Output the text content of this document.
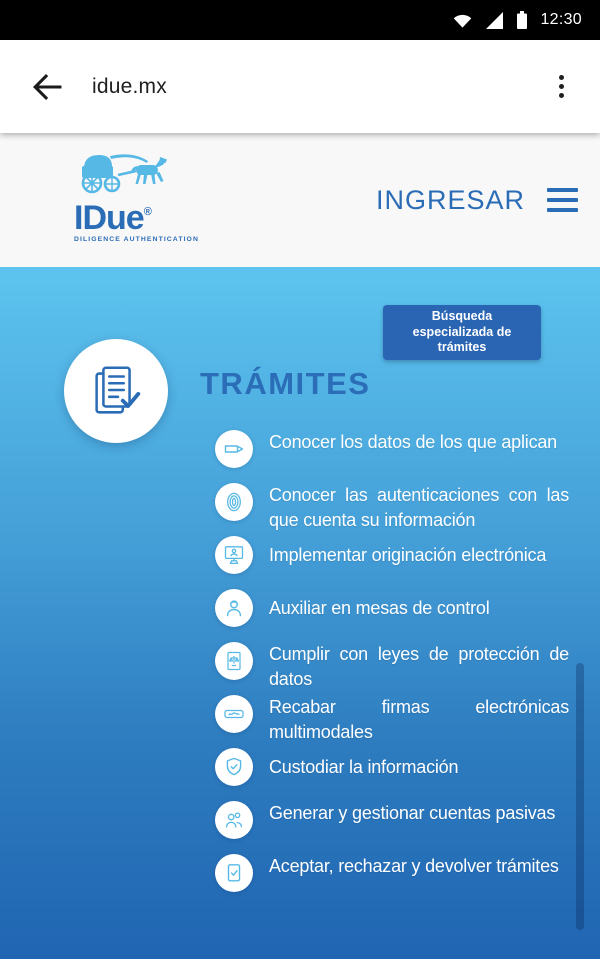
12:30
idue.mx
IDue®
DILIGENCE AUTHENTICATION
INGRESAR
Búsqueda especializada de trámites
TRÁMITES
Conocer los datos de los que aplican
Conocer las autenticaciones con las que cuenta su información
Implementar originación electrónica
Auxiliar en mesas de control
Cumplir con leyes de protección de datos
Recabar firmas electrónicas multimodales
Custodiar la información
Generar y gestionar cuentas pasivas
Aceptar, rechazar y devolver trámites
